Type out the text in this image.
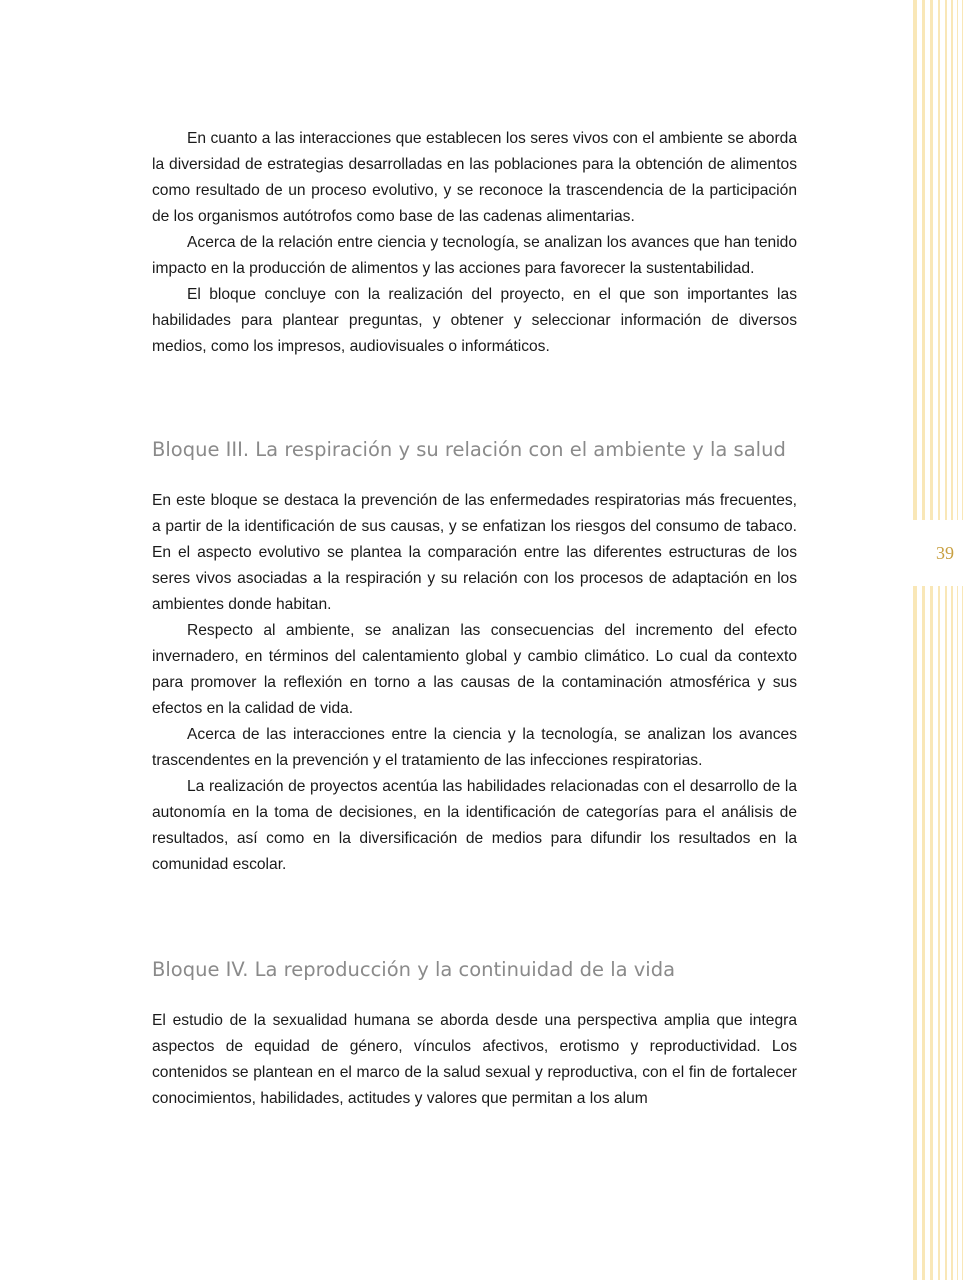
39

En cuanto a las interacciones que establecen los seres vivos con el ambiente se aborda la diversidad de estrategias desarrolladas en las poblaciones para la obtención de alimentos como resultado de un proceso evolutivo, y se reconoce la trascendencia de la participación de los organismos autótrofos como base de las cadenas alimentarias.

Acerca de la relación entre ciencia y tecnología, se analizan los avances que han tenido impacto en la producción de alimentos y las acciones para favorecer la sustentabilidad.

El bloque concluye con la realización del proyecto, en el que son importantes las habilidades para plantear preguntas, y obtener y seleccionar información de diversos medios, como los impresos, audiovisuales o informáticos.

Bloque III. La respiración y su relación con el ambiente y la salud

En este bloque se destaca la prevención de las enfermedades respiratorias más frecuentes, a partir de la identificación de sus causas, y se enfatizan los riesgos del consumo de tabaco. En el aspecto evolutivo se plantea la comparación entre las diferentes estructuras de los seres vivos asociadas a la respiración y su relación con los procesos de adaptación en los ambientes donde habitan.

Respecto al ambiente, se analizan las consecuencias del incremento del efecto invernadero, en términos del calentamiento global y cambio climático. Lo cual da contexto para promover la reflexión en torno a las causas de la contaminación atmosférica y sus efectos en la calidad de vida.

Acerca de las interacciones entre la ciencia y la tecnología, se analizan los avances trascendentes en la prevención y el tratamiento de las infecciones respiratorias.

La realización de proyectos acentúa las habilidades relacionadas con el desarrollo de la autonomía en la toma de decisiones, en la identificación de categorías para el análisis de resultados, así como en la diversificación de medios para difundir los resultados en la comunidad escolar.

Bloque IV. La reproducción y la continuidad de la vida

El estudio de la sexualidad humana se aborda desde una perspectiva amplia que integra aspectos de equidad de género, vínculos afectivos, erotismo y reproductividad. Los contenidos se plantean en el marco de la salud sexual y reproductiva, con el fin de fortalecer conocimientos, habilidades, actitudes y valores que permitan a los alum
